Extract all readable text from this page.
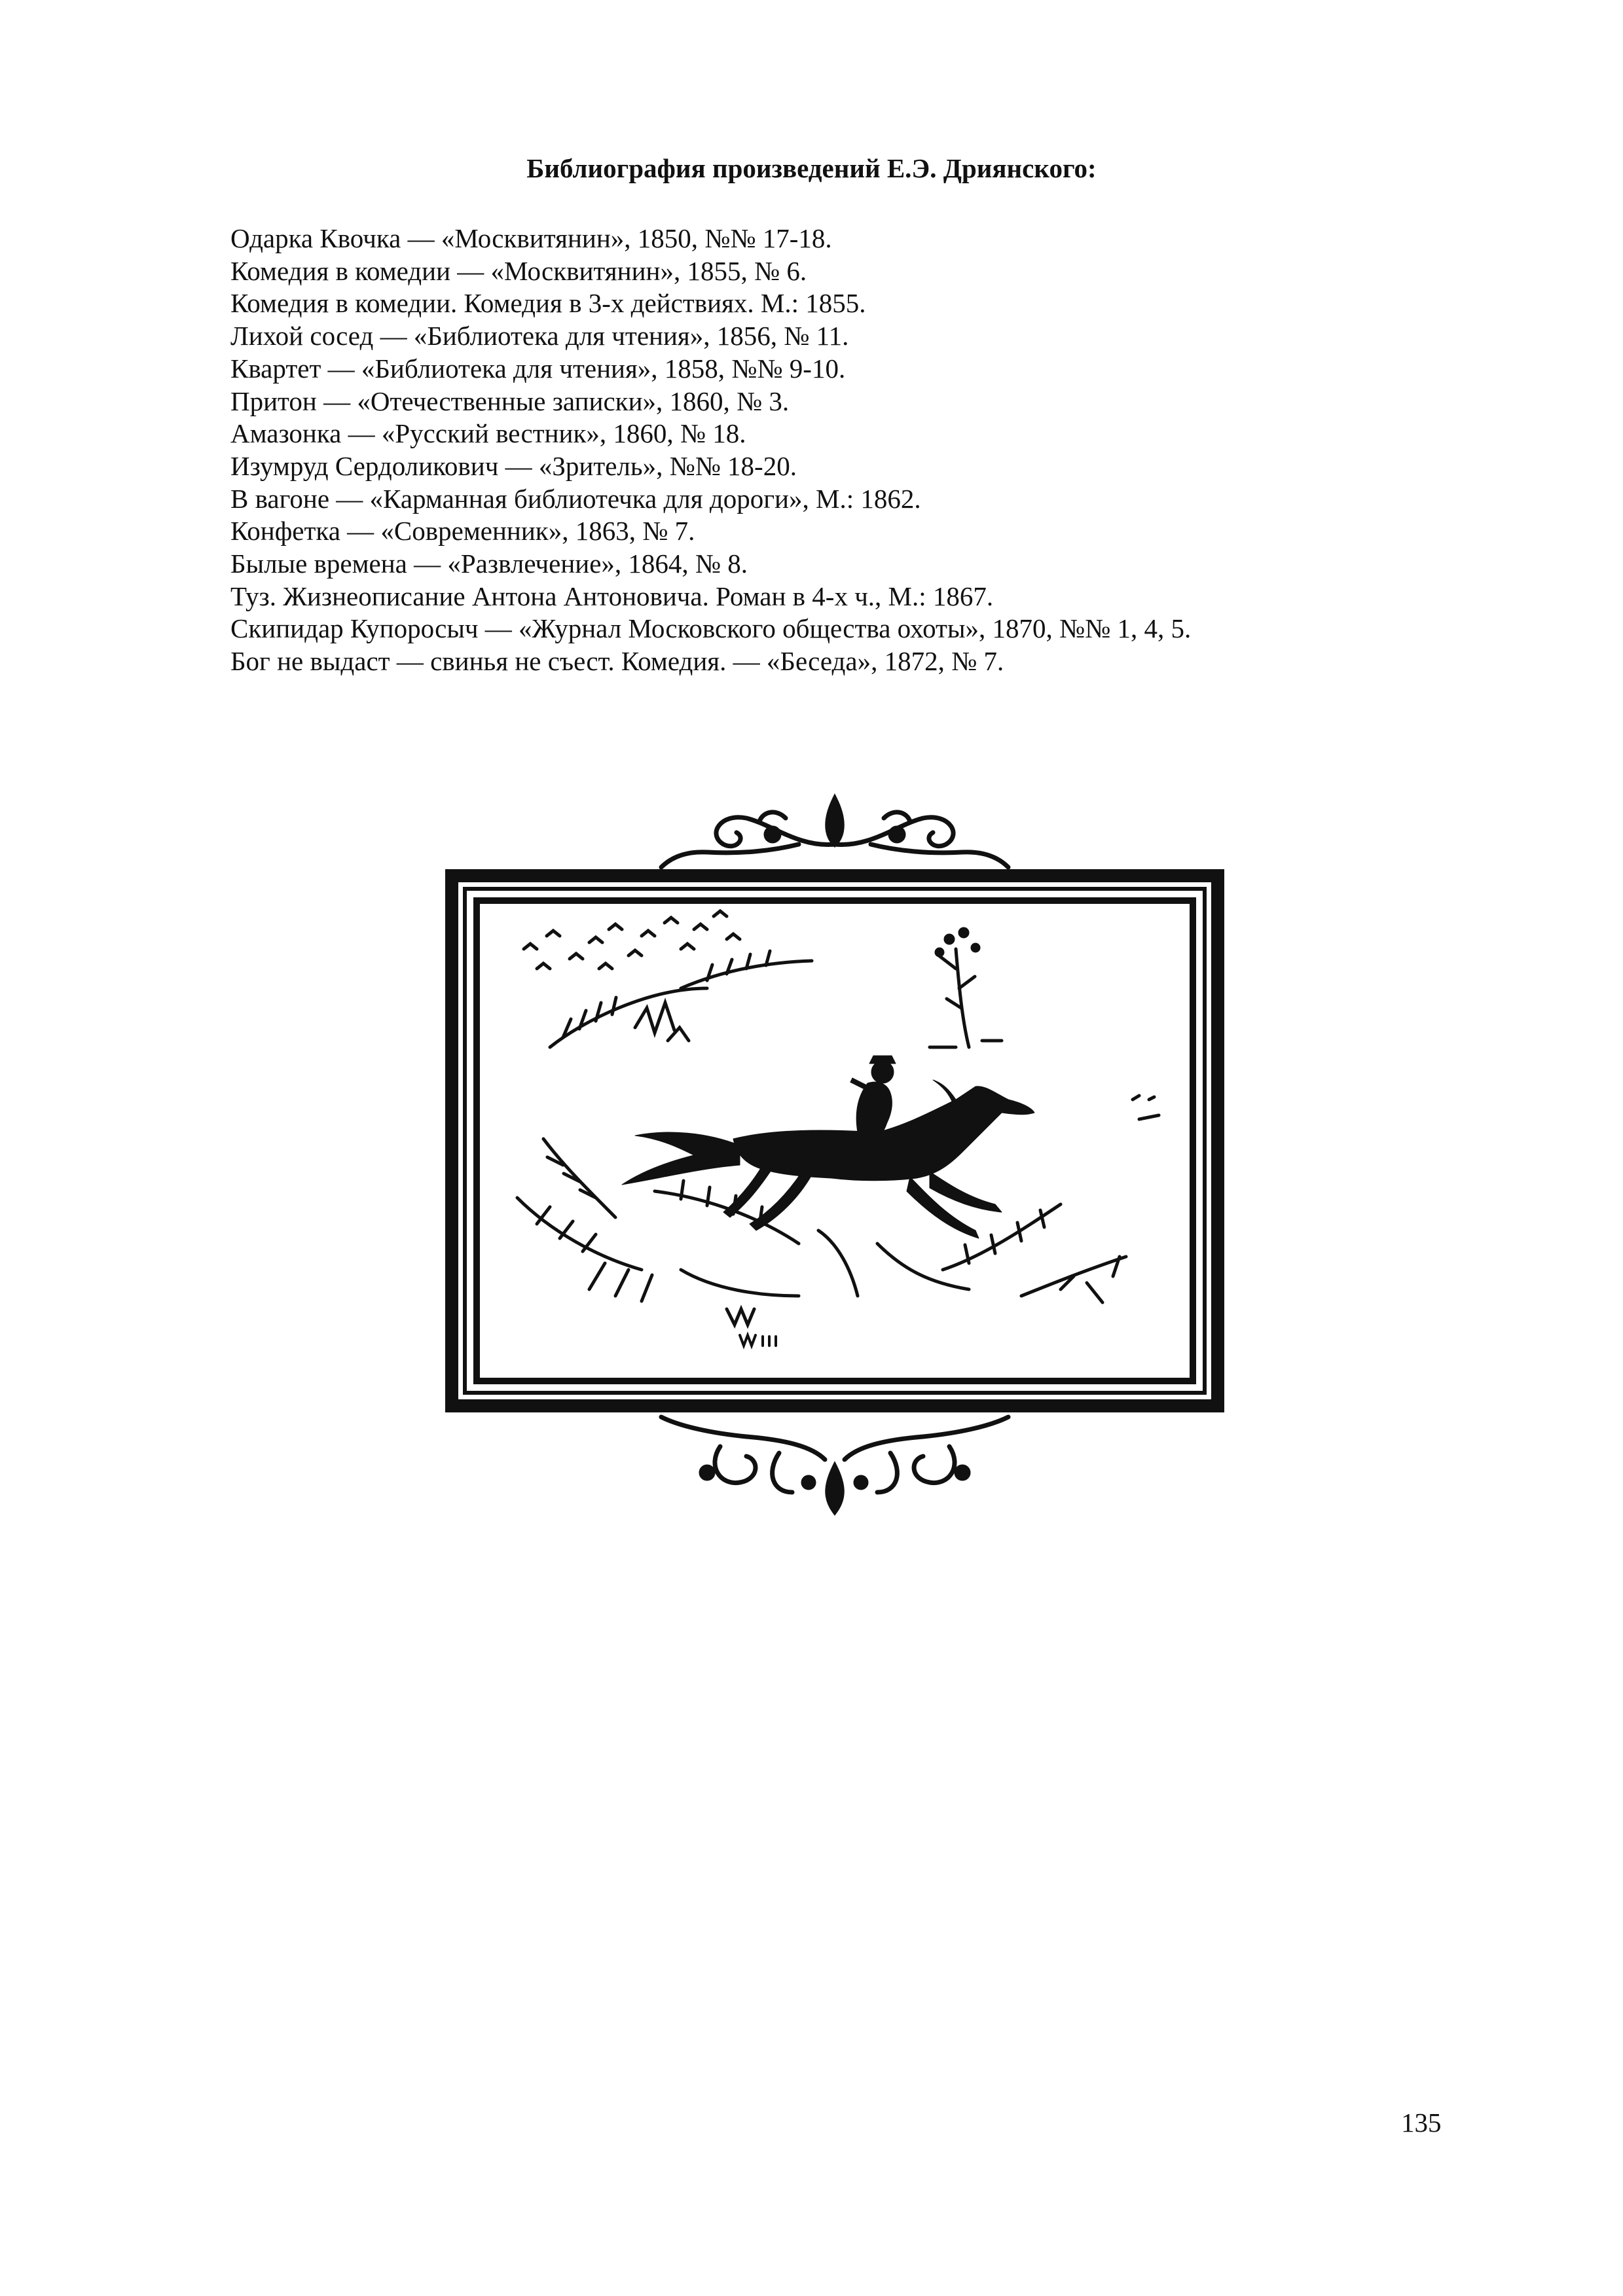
Библиография произведений Е.Э. Дриянского:
Одарка Квочка — «Москвитянин», 1850, №№ 17-18.
Комедия в комедии — «Москвитянин», 1855, № 6.
Комедия в комедии. Комедия в 3-х действиях. М.: 1855.
Лихой сосед — «Библиотека для чтения», 1856, № 11.
Квартет — «Библиотека для чтения», 1858, №№ 9-10.
Притон — «Отечественные записки», 1860, № 3.
Амазонка — «Русский вестник», 1860, № 18.
Изумруд Сердоликович — «Зритель», №№ 18-20.
В вагоне — «Карманная библиотечка для дороги», М.: 1862.
Конфетка — «Современник», 1863, № 7.
Былые времена — «Развлечение», 1864, № 8.
Туз. Жизнеописание Антона Антоновича. Роман в 4-х ч., М.: 1867.
Скипидар Купоросыч — «Журнал Московского общества охоты», 1870, №№ 1, 4, 5.
Бог не выдаст — свинья не съест. Комедия. — «Беседа», 1872, № 7.
135
